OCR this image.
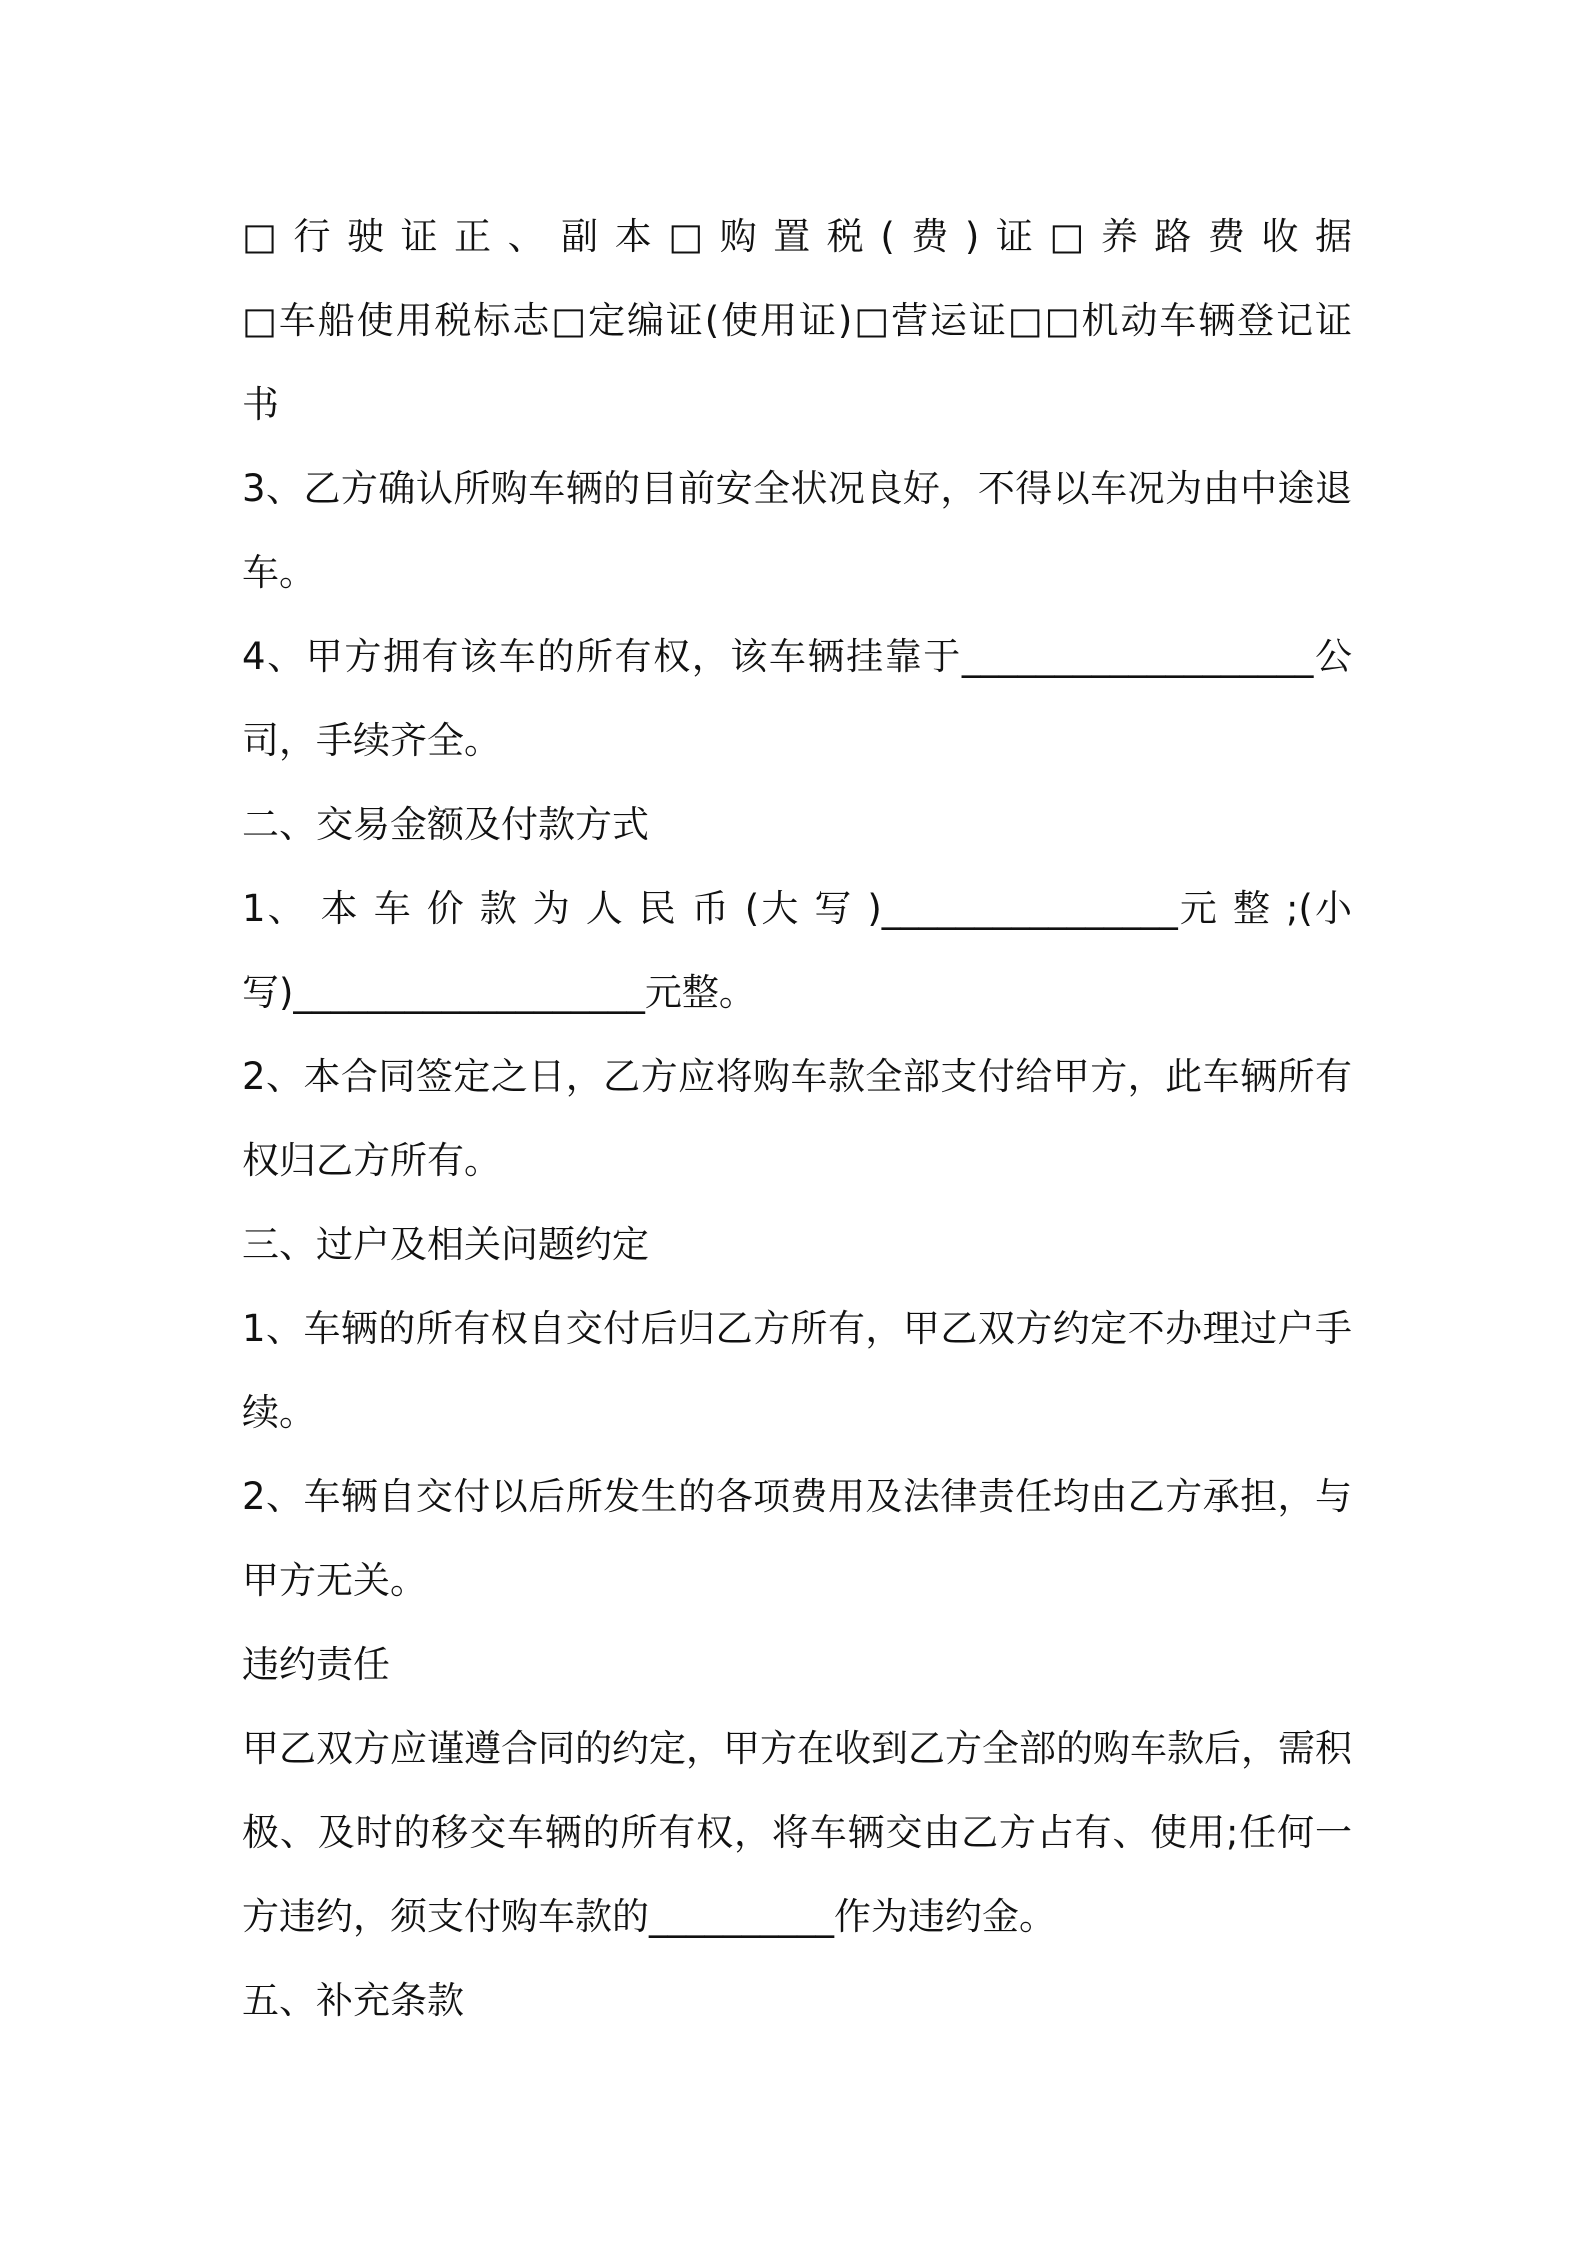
□行驶证正、副本□购置税(费)证□养路费收据
□车船使用税标志□定编证(使用证)□营运证□□机动车辆登记证
书
3、乙方确认所购车辆的目前安全状况良好，不得以车况为由中途退
车。
4、甲方拥有该车的所有权，该车辆挂靠于___________________公
司，手续齐全。
二、交易金额及付款方式
1、 本 车 价 款 为 人 民 币 (大 写 )________________元 整 ;(小
写)___________________元整。
2、本合同签定之日，乙方应将购车款全部支付给甲方，此车辆所有
权归乙方所有。
三、过户及相关问题约定
1、车辆的所有权自交付后归乙方所有，甲乙双方约定不办理过户手
续。
2、车辆自交付以后所发生的各项费用及法律责任均由乙方承担，与
甲方无关。
违约责任
甲乙双方应谨遵合同的约定，甲方在收到乙方全部的购车款后，需积
极、及时的移交车辆的所有权，将车辆交由乙方占有、使用;任何一
方违约，须支付购车款的__________作为违约金。
五、补充条款
